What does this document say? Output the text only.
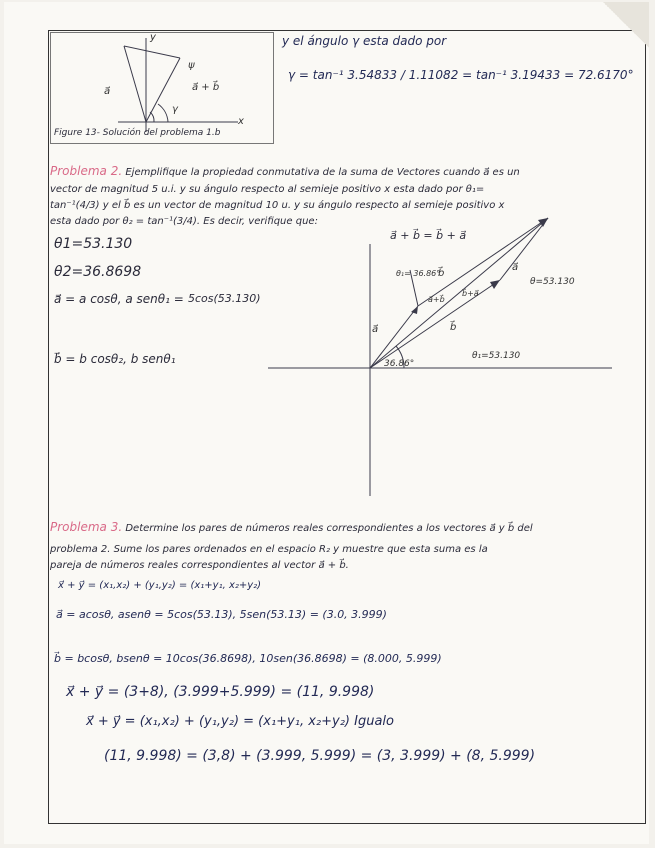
y
x
ψ
a⃗ + b⃗
a⃗
γ
Figure 13- Solución del problema 1.b
y el ángulo γ esta dado por
γ = tan⁻¹ 3.54833 / 1.11082 = tan⁻¹ 3.19433 = 72.6170°
Problema 2. Ejemplifique la propiedad conmutativa de la suma de Vectores cuando a⃗ es un
vector de magnitud 5 u.i. y su ángulo respecto al semieje positivo x esta dado por θ₁=
tan⁻¹(4/3) y el b⃗ es un vector de magnitud 10 u. y su ángulo respecto al semieje positivo x
esta dado por θ₂ = tan⁻¹(3/4). Es decir, verifique que:
a⃗ + b⃗ = b⃗ + a⃗
θ1=53.130
θ2=36.8698
a⃗ = a cosθ, a senθ₁ = 5cos(53.130)
b⃗ = b cosθ₂, b senθ₁
θ₁= 36.86°
θ=53.130
θ₁=53.130
36.86°
a⃗
a⃗
b⃗
b⃗
a⃗+b⃗
b⃗+a⃗
Problema 3. Determine los pares de números reales correspondientes a los vectores a⃗ y b⃗ del
problema 2. Sume los pares ordenados en el espacio R₂ y muestre que esta suma es la
pareja de números reales correspondientes al vector a⃗ + b⃗.
x⃗ + y⃗ = (x₁,x₂) + (y₁,y₂) = (x₁+y₁, x₂+y₂)
a⃗ = acosθ, asenθ = 5cos(53.13), 5sen(53.13) = (3.0, 3.999)
b⃗ = bcosθ, bsenθ = 10cos(36.8698), 10sen(36.8698) = (8.000, 5.999)
x⃗ + y⃗ = (3+8), (3.999+5.999) = (11, 9.998)
x⃗ + y⃗ = (x₁,x₂) + (y₁,y₂) = (x₁+y₁, x₂+y₂) Igualo
(11, 9.998) = (3,8) + (3.999, 5.999) = (3, 3.999) + (8, 5.999)
